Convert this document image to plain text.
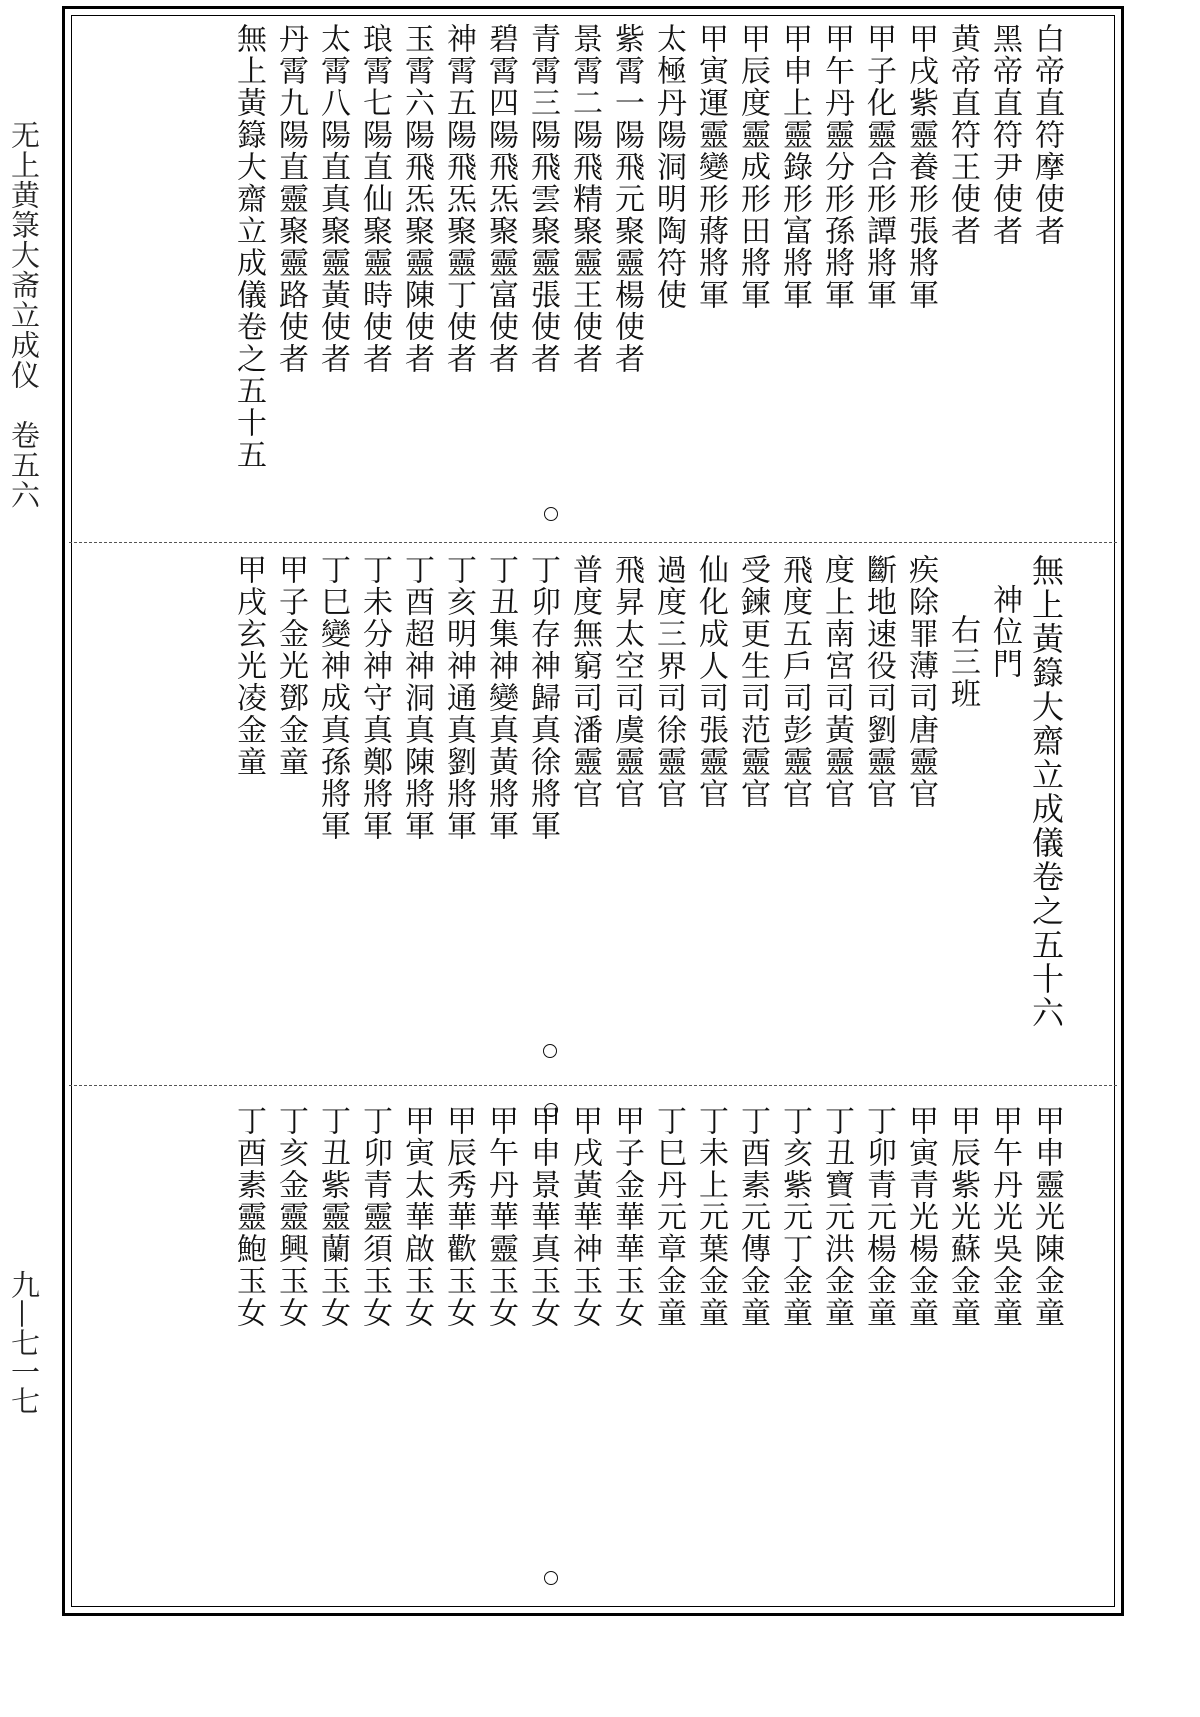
无上黄箓大斋立成仪　卷五六
九—七一七
白帝直符摩使者
黑帝直符尹使者
黄帝直符王使者
甲戌紫靈養形張將軍
甲子化靈合形譚將軍
甲午丹靈分形孫將軍
甲申上靈錄形富將軍
甲辰度靈成形田將軍
甲寅運靈變形蔣將軍
太極丹陽洞明陶符使
紫霄一陽飛元聚靈楊使者
景霄二陽飛精聚靈王使者
青霄三陽飛雲聚靈張使者
碧霄四陽飛炁聚靈富使者
神霄五陽飛炁聚靈丁使者
玉霄六陽飛炁聚靈陳使者
琅霄七陽直仙聚靈時使者
太霄八陽直真聚靈黃使者
丹霄九陽直靈聚靈路使者
無上黃籙大齋立成儀卷之五十五
無上黃籙大齋立成儀卷之五十六
神位門
右三班
疾除罪薄司唐靈官
斷地速役司劉靈官
度上南宮司黃靈官
飛度五戶司彭靈官
受鍊更生司范靈官
仙化成人司張靈官
過度三界司徐靈官
飛昇太空司虞靈官
普度無窮司潘靈官
丁卯存神歸真徐將軍
丁丑集神變真黃將軍
丁亥明神通真劉將軍
丁酉超神洞真陳將軍
丁未分神守真鄭將軍
丁巳變神成真孫將軍
甲子金光鄧金童
甲戌玄光凌金童
甲申靈光陳金童
甲午丹光吳金童
甲辰紫光蘇金童
甲寅青光楊金童
丁卯青元楊金童
丁丑寶元洪金童
丁亥紫元丁金童
丁酉素元傳金童
丁未上元葉金童
丁巳丹元章金童
甲子金華華玉女
甲戌黃華神玉女
甲申景華真玉女
甲午丹華靈玉女
甲辰秀華歡玉女
甲寅太華啟玉女
丁卯青靈須玉女
丁丑紫靈蘭玉女
丁亥金靈興玉女
丁酉素靈鮑玉女
